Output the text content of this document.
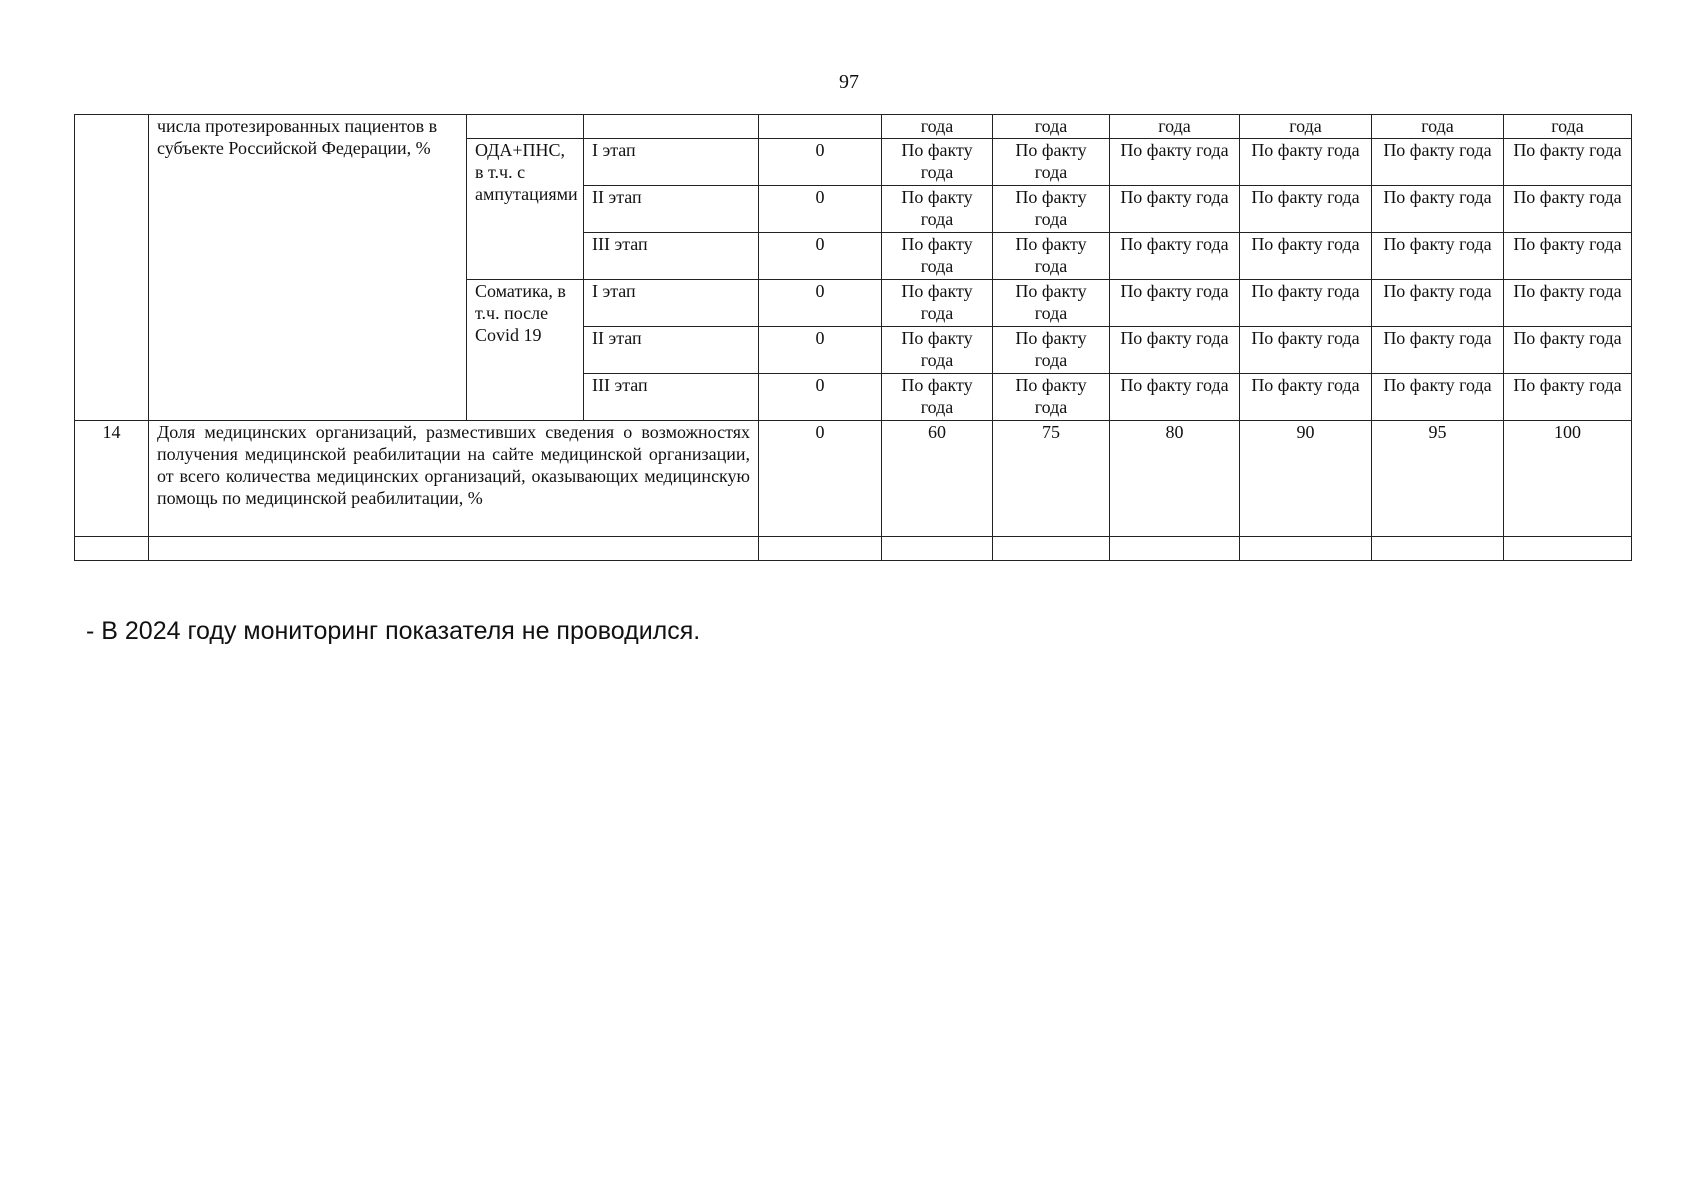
97
	числа протезированных пациентов в субъекте Российской Федерации, %				года	года	года	года	года	года
		ОДА+ПНС, в т.ч. с ампутациями	I этап	0	По факту года	По факту года	По факту года	По факту года	По факту года	По факту года
			II этап	0	По факту года	По факту года	По факту года	По факту года	По факту года	По факту года
			III этап	0	По факту года	По факту года	По факту года	По факту года	По факту года	По факту года
		Соматика, в т.ч. после Covid 19	I этап	0	По факту года	По факту года	По факту года	По факту года	По факту года	По факту года
			II этап	0	По факту года	По факту года	По факту года	По факту года	По факту года	По факту года
			III этап	0	По факту года	По факту года	По факту года	По факту года	По факту года	По факту года
14	Доля медицинских организаций, разместивших сведения о возможностях получения медицинской реабилитации на сайте медицинской организации, от всего количества медицинских организаций, оказывающих медицинскую помощь по медицинской реабилитации, %			0	60	75	80	90	95	100

- В 2024 году мониторинг показателя не проводился.
